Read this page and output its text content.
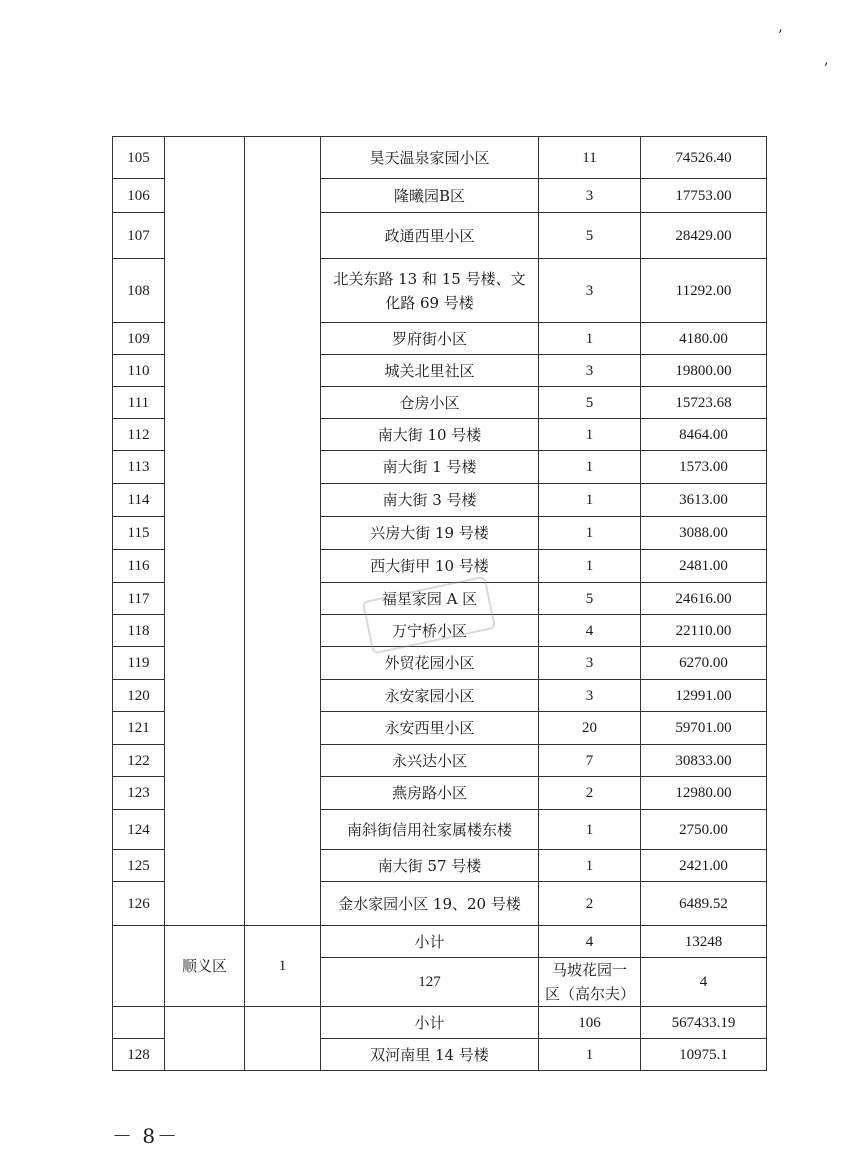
’
‚
105			昊天温泉家园小区	11	74526.40	
106			隆曦园B区	3	17753.00	
107			政通西里小区	5	28429.00	
108			北关东路 13 和 15 号楼、文化路 69 号楼	3	11292.00	
109			罗府街小区	1	4180.00	
110			城关北里社区	3	19800.00	
111			仓房小区	5	15723.68	
112			南大街 10 号楼	1	8464.00	
113			南大街 1 号楼	1	1573.00	
114			南大街 3 号楼	1	3613.00	
115			兴房大街 19 号楼	1	3088.00	
116			西大街甲 10 号楼	1	2481.00	
117			福星家园 A 区	5	24616.00	
118			万宁桥小区	4	22110.00	
119			外贸花园小区	3	6270.00	
120			永安家园小区	3	12991.00	
121			永安西里小区	20	59701.00	
122			永兴达小区	7	30833.00	
123			燕房路小区	2	12980.00	
124			南斜街信用社家属楼东楼	1	2750.00	
125			南大街 57 号楼	1	2421.00	
126			金水家园小区 19、20 号楼	2	6489.52	
	顺义区	1	小计	4	13248	
			127	马坡花园一区（高尔夫）	4	
			小计	106	567433.19	
128			双河南里 14 号楼	1	10975.1	
－ 8－
